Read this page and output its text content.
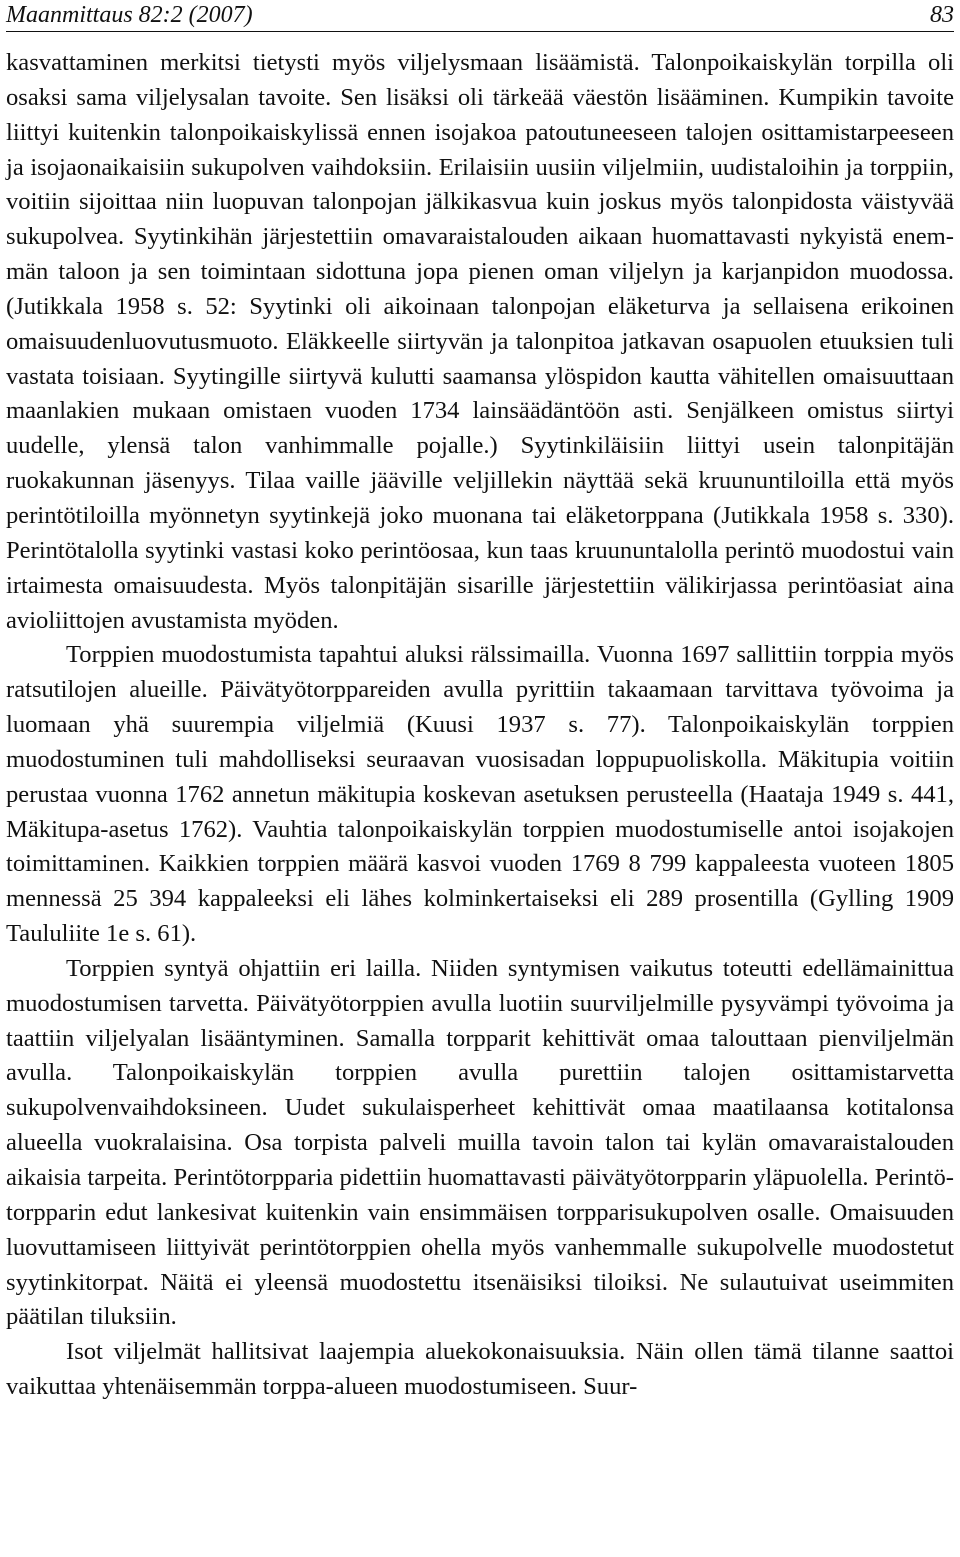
Maanmittaus 82:2 (2007)	83

kasvattaminen merkitsi tietysti myös viljelysmaan lisäämistä. Talonpoikaiskylän torpilla oli osaksi sama viljelysalan tavoite. Sen lisäksi oli tärkeää väestön lisääminen. Kumpikin tavoite liittyi kuitenkin talonpoikaiskylissä ennen isojakoa patoutuneeseen talojen osittamistarpeeseen ja isojaonaikaisiin sukupolven vaihdoksiin. Erilaisiin uusiin viljelmiin, uudistaloihin ja torppiin, voitiin sijoittaa niin luopuvan talonpojan jälkikasvua kuin joskus myös talonpidosta väistyvää sukupolvea. Syytinkihän järjestettiin omavaraistalouden aikaan huomattavasti nykyistä enemmän taloon ja sen toimintaan sidottuna jopa pienen oman viljelyn ja karjanpidon muodossa. (Jutikkala 1958 s. 52: Syytinki oli aikoinaan talonpojan eläketurva ja sellaisena erikoinen omaisuudenluovutusmuoto. Eläkkeelle siirtyvän ja talonpitoa jatkavan osapuolen etuuksien tuli vastata toisiaan. Syytingille siirtyvä kulutti saamansa ylöspidon kautta vähitellen omaisuuttaan maanlakien mukaan omistaen vuoden 1734 lainsäädäntöön asti. Senjälkeen omistus siirtyi uudelle, ylensä talon vanhimmalle pojalle.) Syytinkiläisiin liittyi usein talonpitäjän ruokakunnan jäsenyys. Tilaa vaille jääville veljillekin näyttää sekä kruununtiloilla että myös perintötiloilla myönnetyn syytinkejä joko muonana tai eläketorppana (Jutikkala 1958 s. 330). Perintötalolla syytinki vastasi koko perintöosaa, kun taas kruununtalolla perintö muodostui vain irtaimesta omaisuudesta. Myös talonpitäjän sisarille järjestettiin välikirjassa perintöasiat aina avioliittojen avustamista myöden.

Torppien muodostumista tapahtui aluksi rälssimailla. Vuonna 1697 sallittiin torppia myös ratsutilojen alueille. Päivätyötorppareiden avulla pyrittiin takaamaan tarvittava työvoima ja luomaan yhä suurempia viljelmiä (Kuusi 1937 s. 77). Talonpoikaiskylän torppien muodostuminen tuli mahdolliseksi seuraavan vuosisadan loppupuoliskolla. Mäkitupia voitiin perustaa vuonna 1762 annetun mäkitupia koskevan asetuksen perusteella (Haataja 1949 s. 441, Mäkitupa-asetus 1762). Vauhtia talonpoikaiskylän torppien muodostumiselle antoi isojakojen toimittaminen. Kaikkien torppien määrä kasvoi vuoden 1769 8 799 kappaleesta vuoteen 1805 mennessä 25 394 kappaleeksi eli lähes kolminkertaiseksi eli 289 prosentilla (Gylling 1909 Taululiite 1e s. 61).

Torppien syntyä ohjattiin eri lailla. Niiden syntymisen vaikutus toteutti edellämainittua muodostumisen tarvetta. Päivätyötorppien avulla luotiin suurviljelmille pysyvämpi työvoima ja taattiin viljelyalan lisääntyminen. Samalla torpparit kehittivät omaa talouttaan pienviljelmän avulla. Talonpoikaiskylän torppien avulla purettiin talojen osittamistarvetta sukupolvenvaihdoksineen. Uudet sukulaisperheet kehittivät omaa maatilaansa kotitalonsa alueella vuokralaisina. Osa torpista palveli muilla tavoin talon tai kylän omavaraistalouden aikaisia tarpeita. Perintötorpparia pidettiin huomattavasti päivätyötorpparin yläpuolella. Perintötorpparin edut lankesivat kuitenkin vain ensimmäisen torpparisukupolven osalle. Omaisuuden luovuttamiseen liittyivät perintötorppien ohella myös vanhemmalle sukupolvelle muodostetut syytinkitorpat. Näitä ei yleensä muodostettu itsenäisiksi tiloiksi. Ne sulautuivat useimmiten päätilan tiluksiin.

Isot viljelmät hallitsivat laajempia aluekokonaisuuksia. Näin ollen tämä tilanne saattoi vaikuttaa yhtenäisemmän torppa-alueen muodostumiseen. Suur-
